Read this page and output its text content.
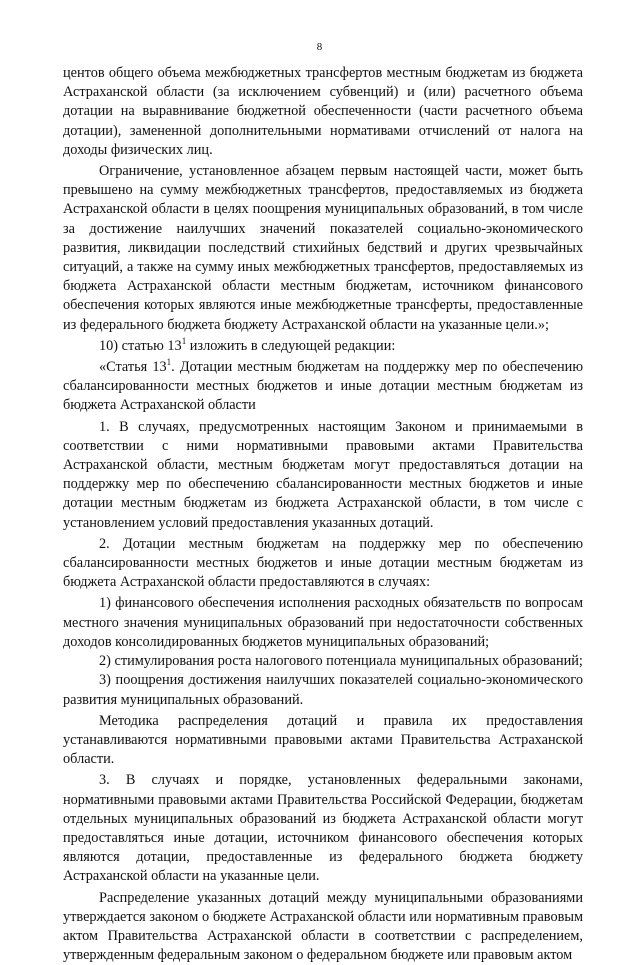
8

центов общего объема межбюджетных трансфертов местным бюджетам из бюджета Астраханской области (за исключением субвенций) и (или) расчетного объема дотации на выравнивание бюджетной обеспеченности (части расчетного объема дотации), замененной дополнительными нормативами отчислений от налога на доходы физических лиц.

Ограничение, установленное абзацем первым настоящей части, может быть превышено на сумму межбюджетных трансфертов, предоставляемых из бюджета Астраханской области в целях поощрения муниципальных образований, в том числе за достижение наилучших значений показателей социально-экономического развития, ликвидации последствий стихийных бедствий и других чрезвычайных ситуаций, а также на сумму иных межбюджетных трансфертов, предоставляемых из бюджета Астраханской области местным бюджетам, источником финансового обеспечения которых являются иные межбюджетные трансферты, предоставленные из федерального бюджета бюджету Астраханской области на указанные цели.»;

10) статью $13^1$ изложить в следующей редакции:

«Статья $13^1$. Дотации местным бюджетам на поддержку мер по обеспечению сбалансированности местных бюджетов и иные дотации местным бюджетам из бюджета Астраханской области

1. В случаях, предусмотренных настоящим Законом и принимаемыми в соответствии с ними нормативными правовыми актами Правительства Астраханской области, местным бюджетам могут предоставляться дотации на поддержку мер по обеспечению сбалансированности местных бюджетов и иные дотации местным бюджетам из бюджета Астраханской области, в том числе с установлением условий предоставления указанных дотаций.

2. Дотации местным бюджетам на поддержку мер по обеспечению сбалансированности местных бюджетов и иные дотации местным бюджетам из бюджета Астраханской области предоставляются в случаях:

1) финансового обеспечения исполнения расходных обязательств по вопросам местного значения муниципальных образований при недостаточности собственных доходов консолидированных бюджетов муниципальных образований;

2) стимулирования роста налогового потенциала муниципальных образований;

3) поощрения достижения наилучших показателей социально-экономического развития муниципальных образований.

Методика распределения дотаций и правила их предоставления устанавливаются нормативными правовыми актами Правительства Астраханской области.

3. В случаях и порядке, установленных федеральными законами, нормативными правовыми актами Правительства Российской Федерации, бюджетам отдельных муниципальных образований из бюджета Астраханской области могут предоставляться иные дотации, источником финансового обеспечения которых являются дотации, предоставленные из федерального бюджета бюджету Астраханской области на указанные цели.

Распределение указанных дотаций между муниципальными образованиями утверждается законом о бюджете Астраханской области или нормативным правовым актом Правительства Астраханской области в соответствии с распределением, утвержденным федеральным законом о федеральном бюджете или правовым актом
